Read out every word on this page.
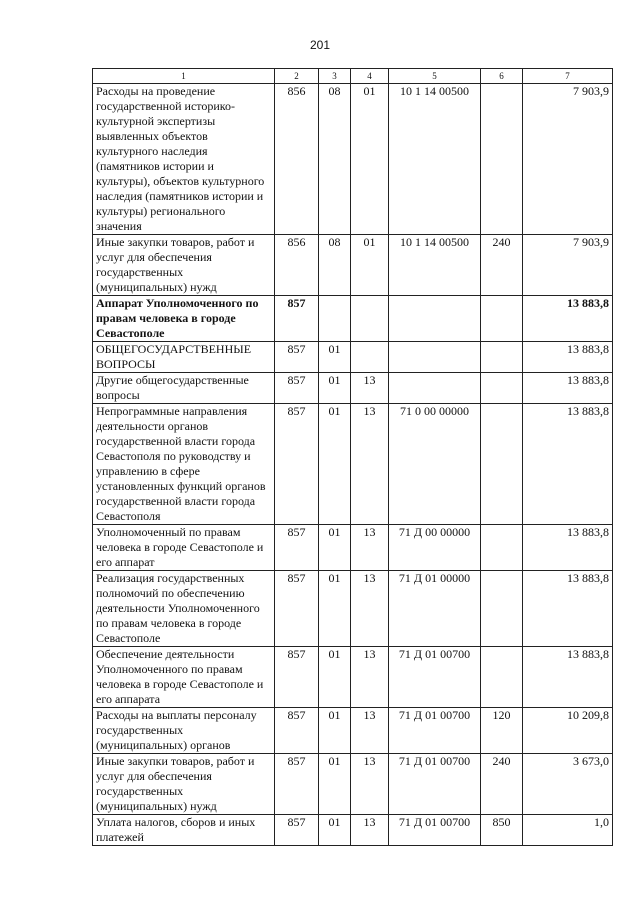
201
1	2	3	4	5	6	7
Расходы на проведение государственной историко-культурной экспертизы выявленных объектов культурного наследия (памятников истории и культуры), объектов культурного наследия (памятников истории и культуры) регионального значения	856	08	01	10 1 14 00500		7 903,9
Иные закупки товаров, работ и услуг для обеспечения государственных (муниципальных) нужд	856	08	01	10 1 14 00500	240	7 903,9
Аппарат Уполномоченного по правам человека в городе Севастополе	857					13 883,8
ОБЩЕГОСУДАРСТВЕННЫЕ ВОПРОСЫ	857	01				13 883,8
Другие общегосударственные вопросы	857	01	13			13 883,8
Непрограммные направления деятельности органов государственной власти города Севастополя по руководству и управлению в сфере установленных функций органов государственной власти города Севастополя	857	01	13	71 0 00 00000		13 883,8
Уполномоченный по правам человека в городе Севастополе и его аппарат	857	01	13	71 Д 00 00000		13 883,8
Реализация государственных полномочий по обеспечению деятельности Уполномоченного по правам человека в городе Севастополе	857	01	13	71 Д 01 00000		13 883,8
Обеспечение деятельности Уполномоченного по правам человека в городе Севастополе и его аппарата	857	01	13	71 Д 01 00700		13 883,8
Расходы на выплаты персоналу государственных (муниципальных) органов	857	01	13	71 Д 01 00700	120	10 209,8
Иные закупки товаров, работ и услуг для обеспечения государственных (муниципальных) нужд	857	01	13	71 Д 01 00700	240	3 673,0
Уплата налогов, сборов и иных платежей	857	01	13	71 Д 01 00700	850	1,0
